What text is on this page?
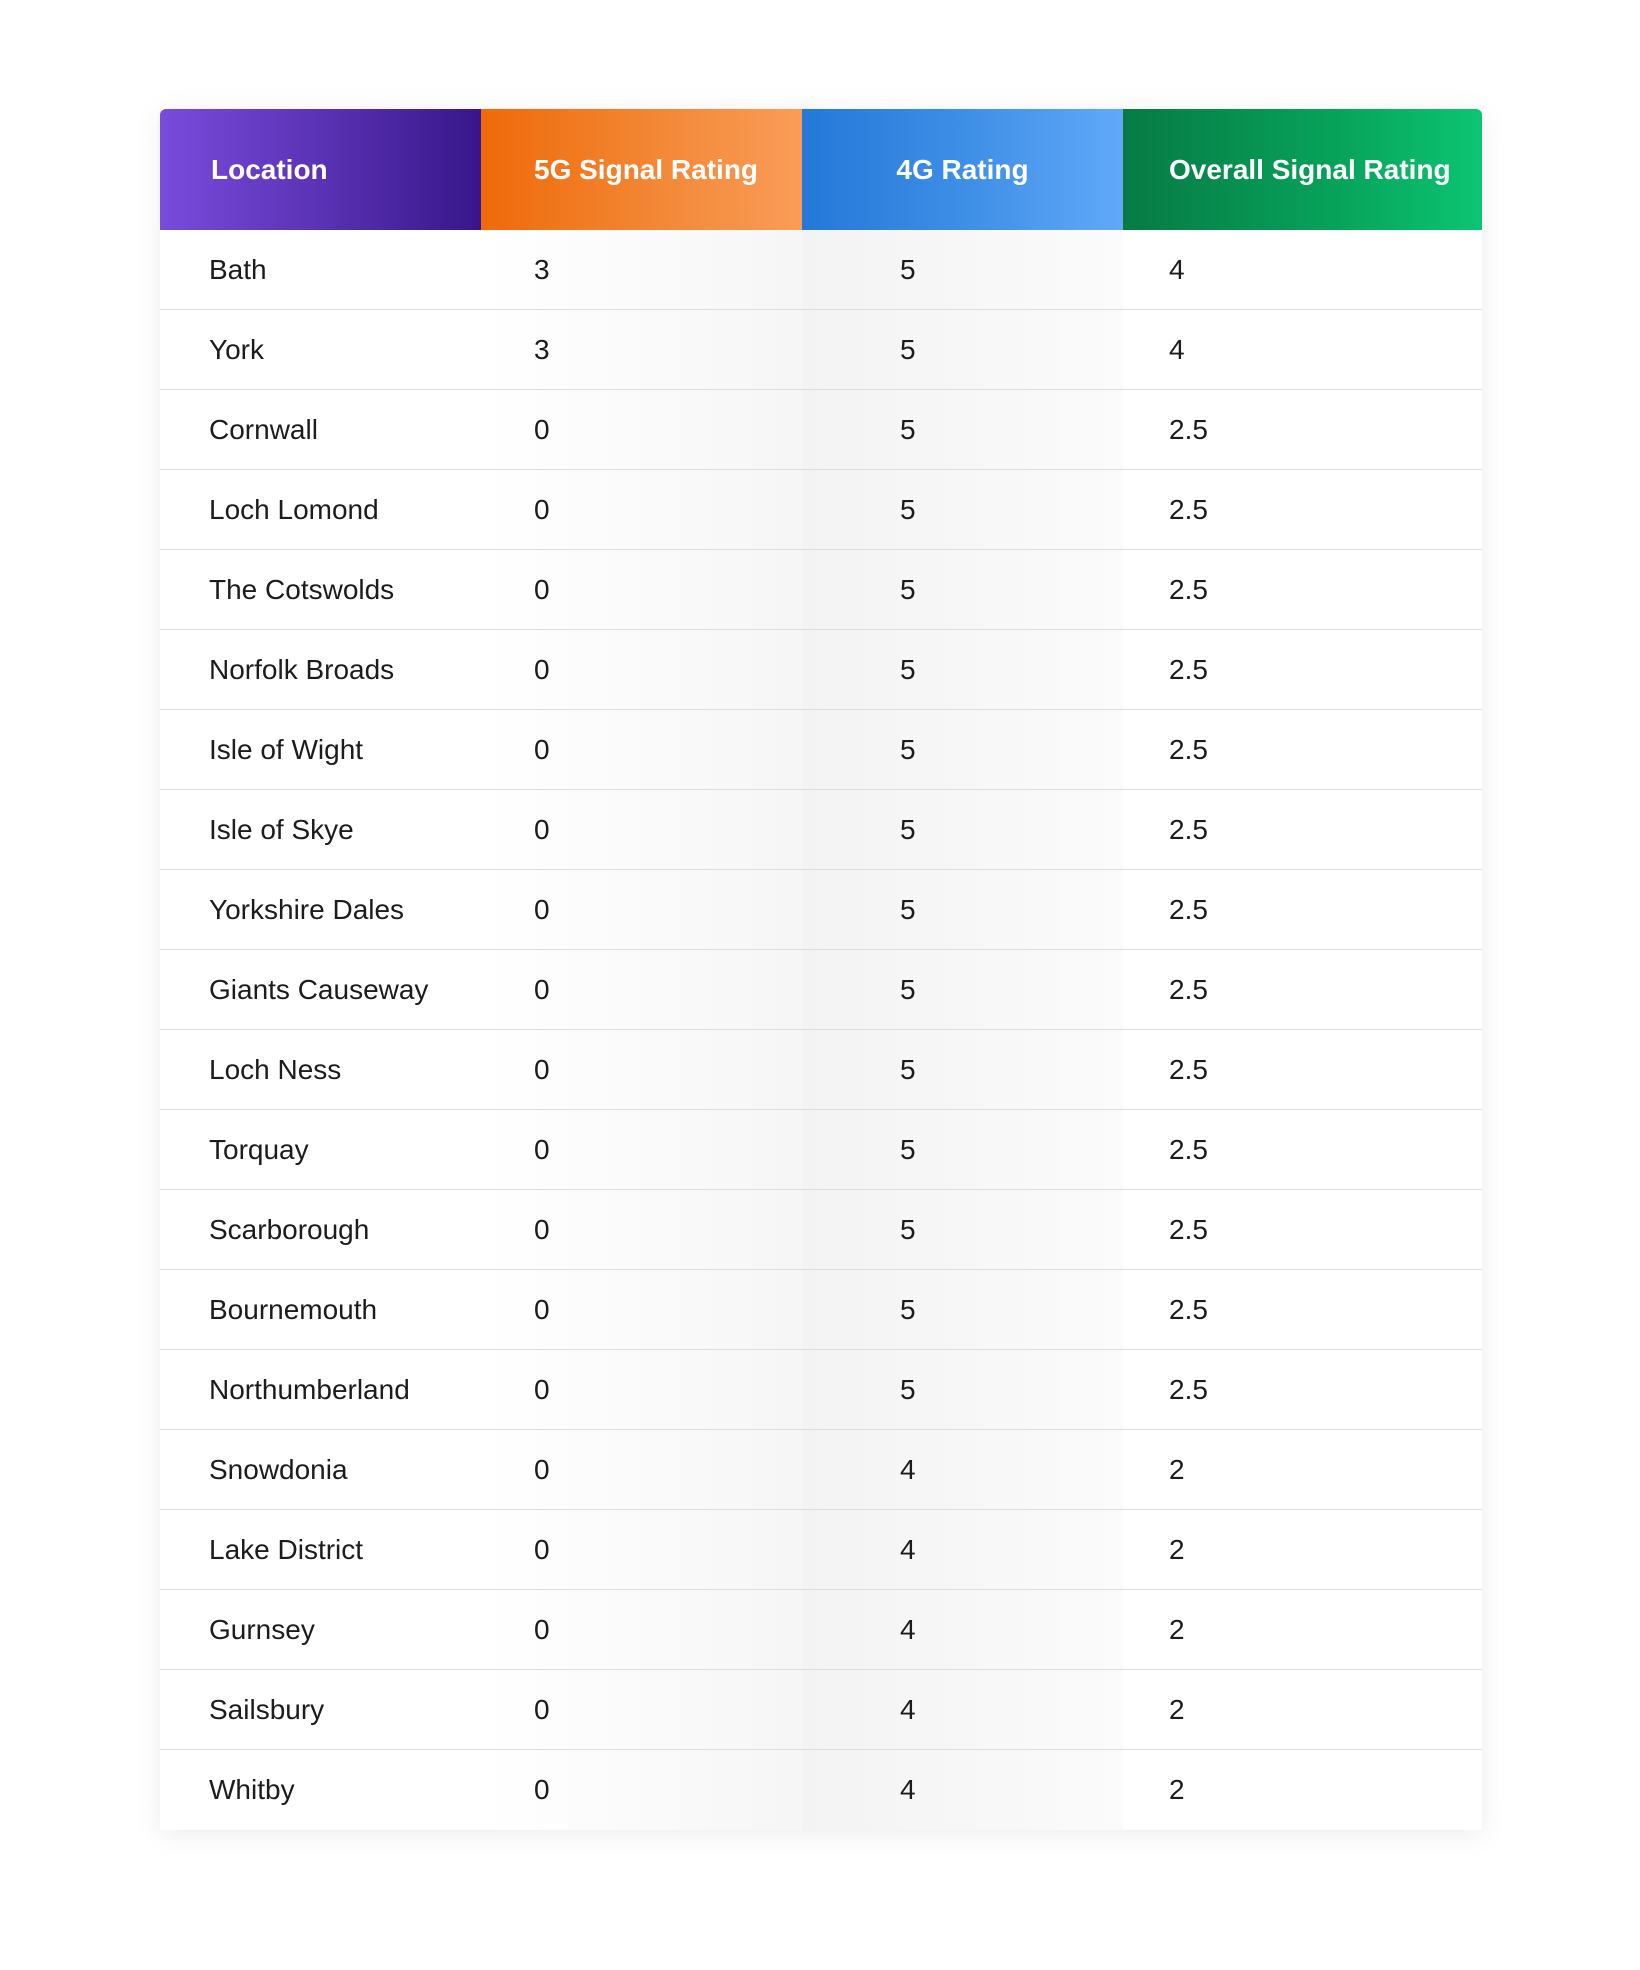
Location	5G Signal Rating	4G Rating	Overall Signal Rating
Bath	3	5	4
York	3	5	4
Cornwall	0	5	2.5
Loch Lomond	0	5	2.5
The Cotswolds	0	5	2.5
Norfolk Broads	0	5	2.5
Isle of Wight	0	5	2.5
Isle of Skye	0	5	2.5
Yorkshire Dales	0	5	2.5
Giants Causeway	0	5	2.5
Loch Ness	0	5	2.5
Torquay	0	5	2.5
Scarborough	0	5	2.5
Bournemouth	0	5	2.5
Northumberland	0	5	2.5
Snowdonia	0	4	2
Lake District	0	4	2
Gurnsey	0	4	2
Sailsbury	0	4	2
Whitby	0	4	2
